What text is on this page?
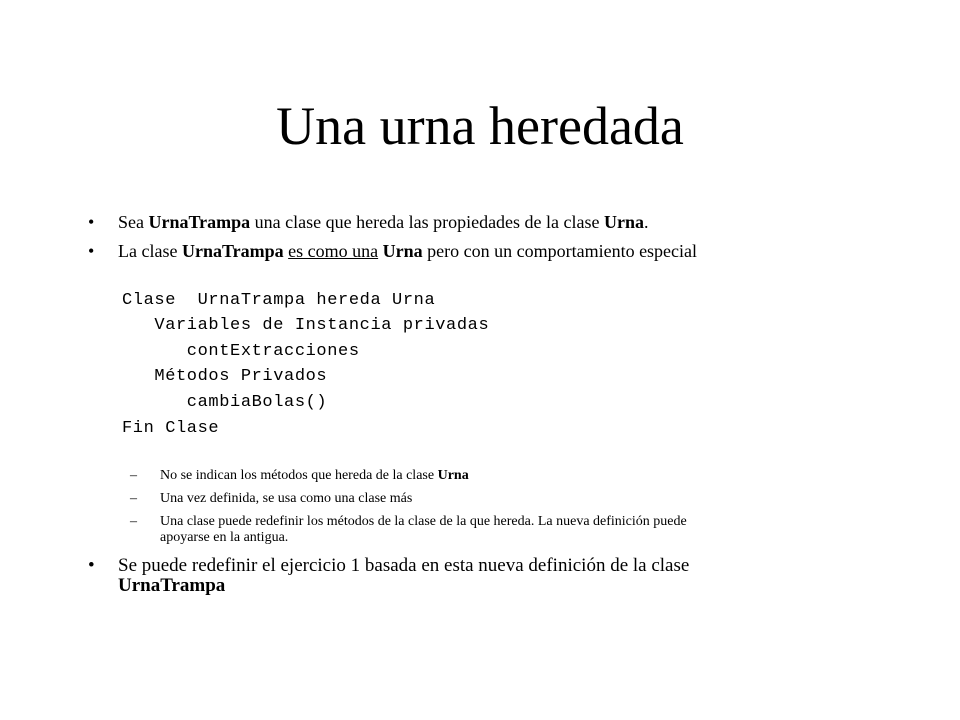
Una urna heredada
• Sea UrnaTrampa una clase que hereda las propiedades de la clase Urna.
• La clase UrnaTrampa es como una Urna pero con un comportamiento especial
Clase  UrnaTrampa hereda Urna
Variables de Instancia privadas
contExtracciones
Métodos Privados
cambiaBolas()
Fin Clase
– No se indican los métodos que hereda de la clase Urna
– Una vez definida, se usa como una clase más
– Una clase puede redefinir los métodos de la clase de la que hereda. La nueva definición puede
apoyarse en la antigua.
• Se puede redefinir el ejercicio 1 basada en esta nueva definición de la clase
UrnaTrampa
